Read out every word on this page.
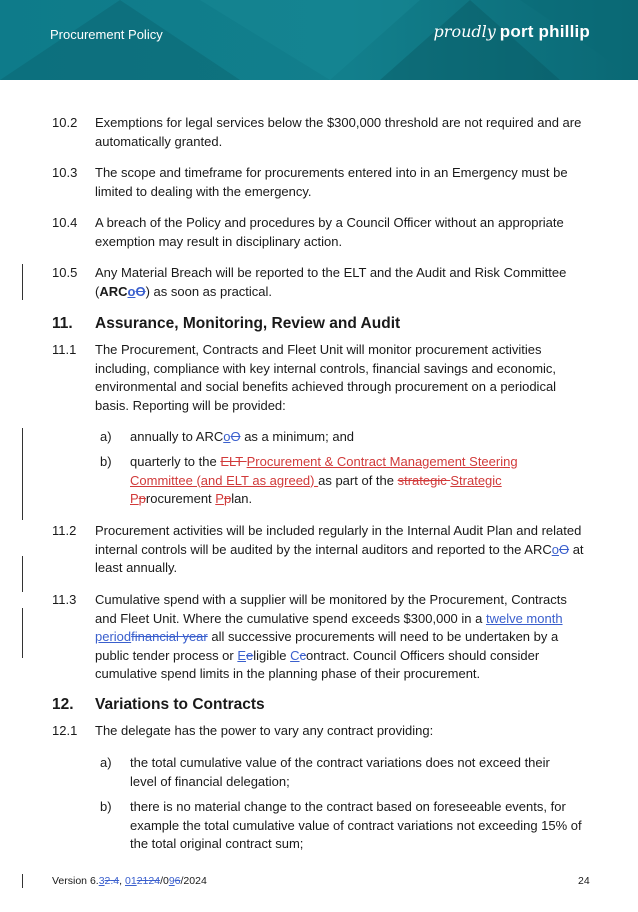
Procurement Policy	proudly port phillip
10.2	Exemptions for legal services below the $300,000 threshold are not required and are automatically granted.
10.3	The scope and timeframe for procurements entered into in an Emergency must be limited to dealing with the emergency.
10.4	A breach of the Policy and procedures by a Council Officer without an appropriate exemption may result in disciplinary action.
10.5	Any Material Breach will be reported to the ELT and the Audit and Risk Committee (ARCoO) as soon as practical.
11. Assurance, Monitoring, Review and Audit
11.1	The Procurement, Contracts and Fleet Unit will monitor procurement activities including, compliance with key internal controls, financial savings and economic, environmental and social benefits achieved through procurement on a periodical basis. Reporting will be provided:
a) annually to ARCoO as a minimum; and
b) quarterly to the ELT Procurement & Contract Management Steering Committee (and ELT as agreed) as part of the strategic Strategic Pprocurement Pplan.
11.2	Procurement activities will be included regularly in the Internal Audit Plan and related internal controls will be audited by the internal auditors and reported to the ARCoO at least annually.
11.3	Cumulative spend with a supplier will be monitored by the Procurement, Contracts and Fleet Unit. Where the cumulative spend exceeds $300,000 in a twelve month periodfinancial year all successive procurements will need to be undertaken by a public tender process or Eeligible Ccontract. Council Officers should consider cumulative spend limits in the planning phase of their procurement.
12. Variations to Contracts
12.1	The delegate has the power to vary any contract providing:
a) the total cumulative value of the contract variations does not exceed their level of financial delegation;
b) there is no material change to the contract based on foreseeable events, for example the total cumulative value of contract variations not exceeding 15% of the total original contract sum;
Version 6.32.4, 012124/096/2024	24
